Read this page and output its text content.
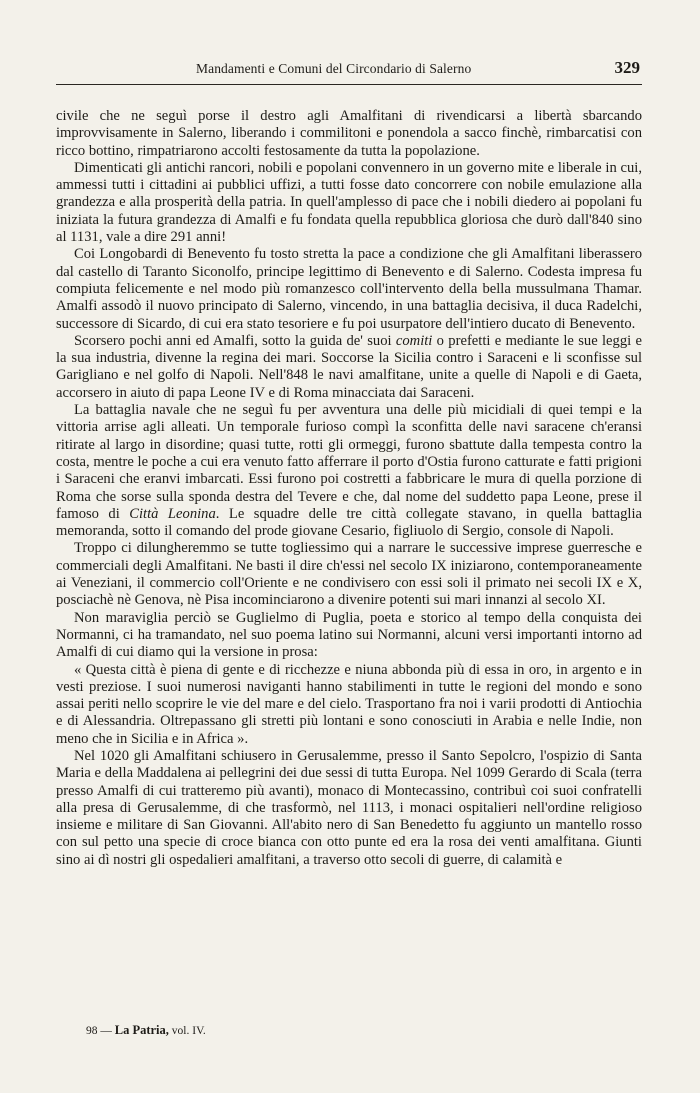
Mandamenti e Comuni del Circondario di Salerno	329

civile che ne seguì porse il destro agli Amalfitani di rivendicarsi a libertà sbarcando improvvisamente in Salerno, liberando i commilitoni e ponendola a sacco finchè, rimbarcatisi con ricco bottino, rimpatriarono accolti festosamente da tutta la popolazione.

Dimenticati gli antichi rancori, nobili e popolani convennero in un governo mite e liberale in cui, ammessi tutti i cittadini ai pubblici uffizi, a tutti fosse dato concorrere con nobile emulazione alla grandezza e alla prosperità della patria. In quell'amplesso di pace che i nobili diedero ai popolani fu iniziata la futura grandezza di Amalfi e fu fondata quella repubblica gloriosa che durò dall'840 sino al 1131, vale a dire 291 anni!

Coi Longobardi di Benevento fu tosto stretta la pace a condizione che gli Amalfitani liberassero dal castello di Taranto Siconolfo, principe legittimo di Benevento e di Salerno. Codesta impresa fu compiuta felicemente e nel modo più romanzesco coll'intervento della bella mussulmana Thamar. Amalfi assodò il nuovo principato di Salerno, vincendo, in una battaglia decisiva, il duca Radelchi, successore di Sicardo, di cui era stato tesoriere e fu poi usurpatore dell'intiero ducato di Benevento.

Scorsero pochi anni ed Amalfi, sotto la guida de' suoi comiti o prefetti e mediante le sue leggi e la sua industria, divenne la regina dei mari. Soccorse la Sicilia contro i Saraceni e li sconfisse sul Garigliano e nel golfo di Napoli. Nell'848 le navi amalfitane, unite a quelle di Napoli e di Gaeta, accorsero in aiuto di papa Leone IV e di Roma minacciata dai Saraceni.

La battaglia navale che ne seguì fu per avventura una delle più micidiali di quei tempi e la vittoria arrise agli alleati. Un temporale furioso compì la sconfitta delle navi saracene ch'eransi ritirate al largo in disordine; quasi tutte, rotti gli ormeggi, furono sbattute dalla tempesta contro la costa, mentre le poche a cui era venuto fatto afferrare il porto d'Ostia furono catturate e fatti prigioni i Saraceni che eranvi imbarcati. Essi furono poi costretti a fabbricare le mura di quella porzione di Roma che sorse sulla sponda destra del Tevere e che, dal nome del suddetto papa Leone, prese il famoso di Città Leonina. Le squadre delle tre città collegate stavano, in quella battaglia memoranda, sotto il comando del prode giovane Cesario, figliuolo di Sergio, console di Napoli.

Troppo ci dilungheremmo se tutte togliessimo qui a narrare le successive imprese guerresche e commerciali degli Amalfitani. Ne basti il dire ch'essi nel secolo IX iniziarono, contemporaneamente ai Veneziani, il commercio coll'Oriente e ne condivisero con essi soli il primato nei secoli IX e X, posciachè nè Genova, nè Pisa incominciarono a divenire potenti sui mari innanzi al secolo XI.

Non maraviglia perciò se Guglielmo di Puglia, poeta e storico al tempo della conquista dei Normanni, ci ha tramandato, nel suo poema latino sui Normanni, alcuni versi importanti intorno ad Amalfi di cui diamo qui la versione in prosa:

« Questa città è piena di gente e di ricchezze e niuna abbonda più di essa in oro, in argento e in vesti preziose. I suoi numerosi naviganti hanno stabilimenti in tutte le regioni del mondo e sono assai periti nello scoprire le vie del mare e del cielo. Trasportano fra noi i varii prodotti di Antiochia e di Alessandria. Oltrepassano gli stretti più lontani e sono conosciuti in Arabia e nelle Indie, non meno che in Sicilia e in Africa ».

Nel 1020 gli Amalfitani schiusero in Gerusalemme, presso il Santo Sepolcro, l'ospizio di Santa Maria e della Maddalena ai pellegrini dei due sessi di tutta Europa. Nel 1099 Gerardo di Scala (terra presso Amalfi di cui tratteremo più avanti), monaco di Montecassino, contribuì coi suoi confratelli alla presa di Gerusalemme, di che trasformò, nel 1113, i monaci ospitalieri nell'ordine religioso insieme e militare di San Giovanni. All'abito nero di San Benedetto fu aggiunto un mantello rosso con sul petto una specie di croce bianca con otto punte ed era la rosa dei venti amalfitana. Giunti sino ai dì nostri gli ospedalieri amalfitani, a traverso otto secoli di guerre, di calamità e

98 — La Patria, vol. IV.
